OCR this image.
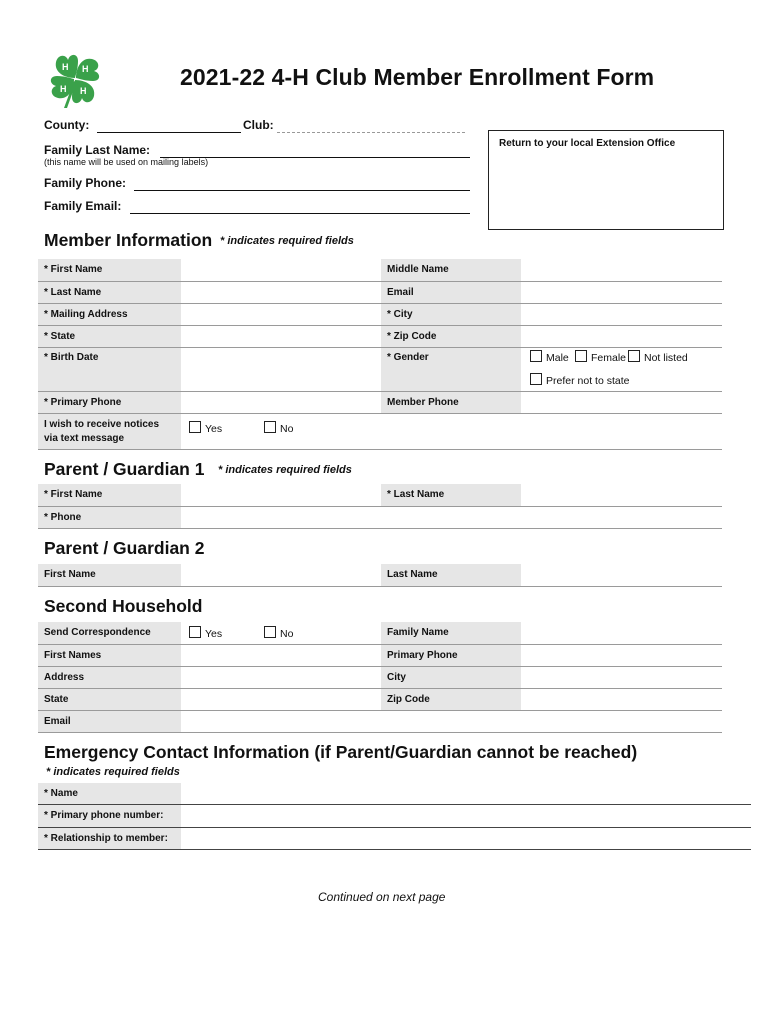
H H
H
H	2021-22 4-H Club Member Enrollment Form
County:	Club:
Family Last Name:
(this name will be used on mailing labels)
Family Phone:
Family Email:
Return to your local Extension Office
Member Information * indicates required fields
* First Name	Middle Name
* Last Name	Email
* Mailing Address	* City
* State	* Zip Code
* Birth Date	* Gender	Male	Female	Not listed
Prefer not to state
* Primary Phone	Member Phone
I wish to receive notices
via text message
Yes	No
Parent / Guardian 1 * indicates required fields
* First Name	* Last Name
* Phone
Parent / Guardian 2
First Name	Last Name
Second Household
Send Correspondence	Yes	No	Family Name
First Names	Primary Phone
Address	City
State	Zip Code
Email
Emergency Contact Information (if Parent/Guardian cannot be reached)
* indicates required fields
* Name
* Primary phone number:
* Relationship to member:
Continued on next page
